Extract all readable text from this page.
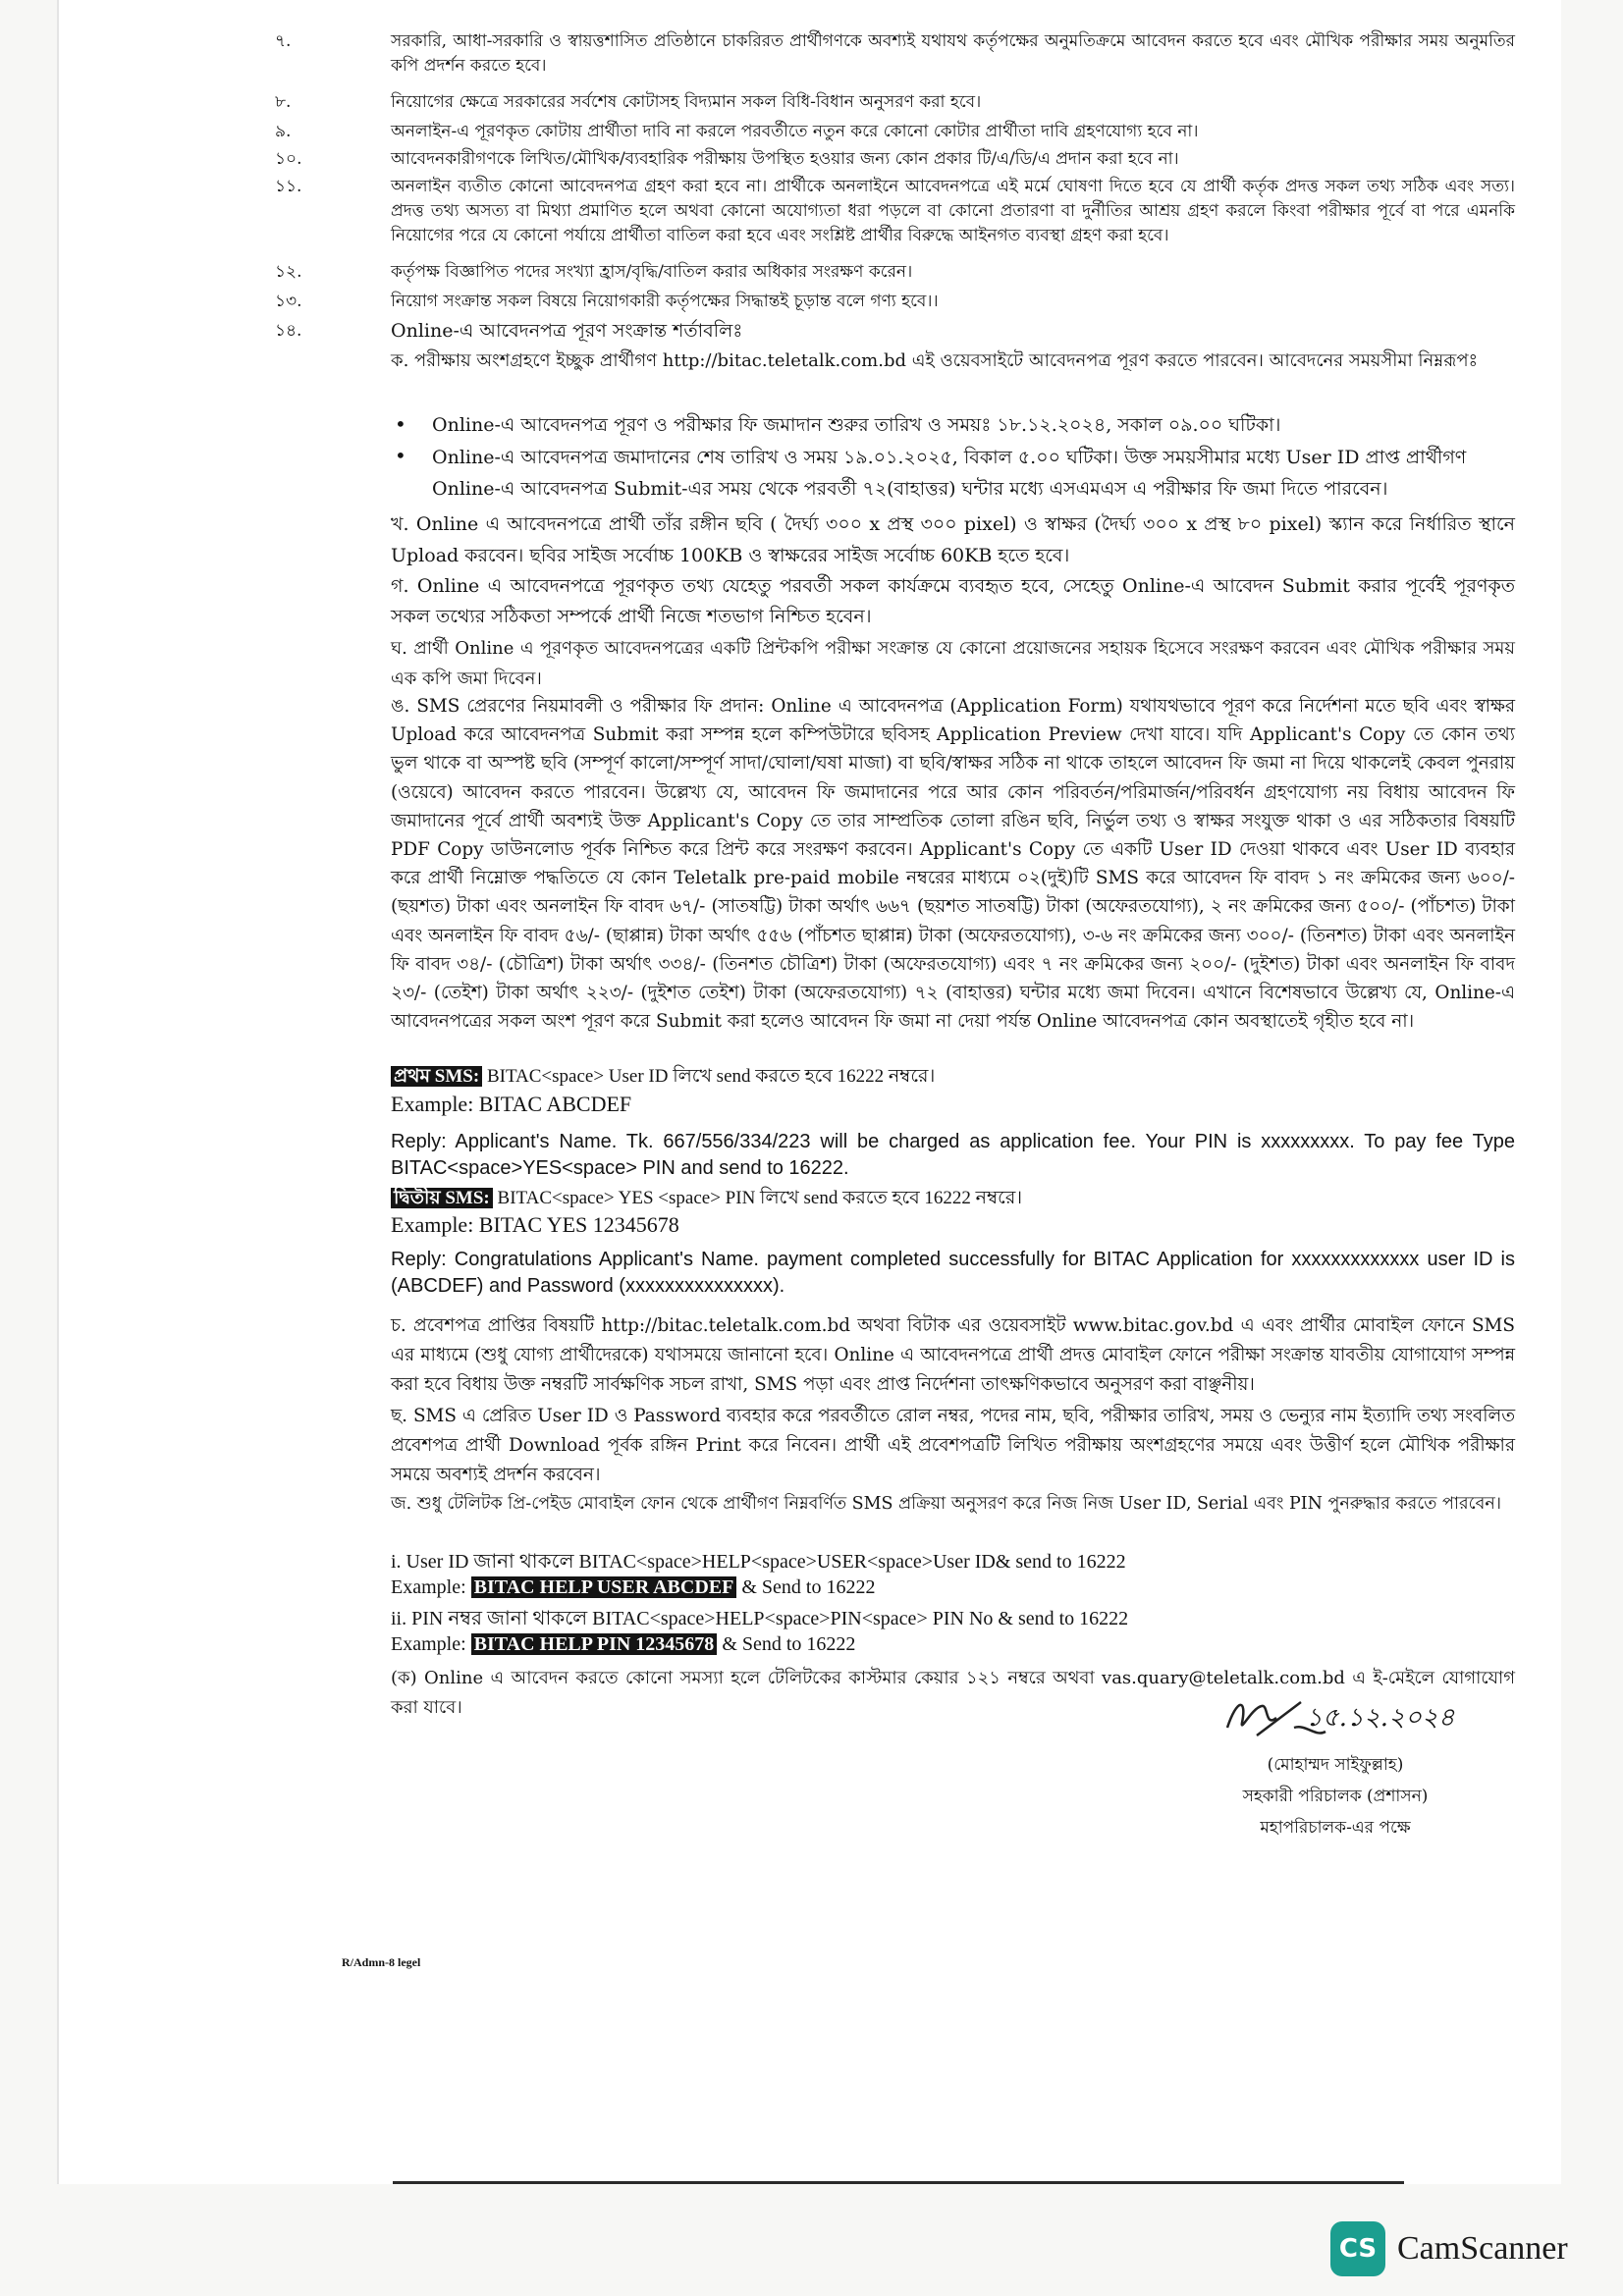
৭.	সরকারি, আধা-সরকারি ও স্বায়ত্তশাসিত প্রতিষ্ঠানে চাকরিরত প্রার্থীগণকে অবশ্যই যথাযথ কর্তৃপক্ষের অনুমতিক্রমে আবেদন করতে হবে এবং মৌখিক পরীক্ষার সময় অনুমতির কপি প্রদর্শন করতে হবে।
৮.	নিয়োগের ক্ষেত্রে সরকারের সর্বশেষ কোটাসহ বিদ্যমান সকল বিধি-বিধান অনুসরণ করা হবে।
৯.	অনলাইন-এ পূরণকৃত কোটায় প্রার্থীতা দাবি না করলে পরবর্তীতে নতুন করে কোনো কোটার প্রার্থীতা দাবি গ্রহণযোগ্য হবে না।
১০.	আবেদনকারীগণকে লিখিত/মৌখিক/ব্যবহারিক পরীক্ষায় উপস্থিত হওয়ার জন্য কোন প্রকার টি/এ/ডি/এ প্রদান করা হবে না।
১১.	অনলাইন ব্যতীত কোনো আবেদনপত্র গ্রহণ করা হবে না। প্রার্থীকে অনলাইনে আবেদনপত্রে এই মর্মে ঘোষণা দিতে হবে যে প্রার্থী কর্তৃক প্রদত্ত সকল তথ্য সঠিক এবং সত্য। প্রদত্ত তথ্য অসত্য বা মিথ্যা প্রমাণিত হলে অথবা কোনো অযোগ্যতা ধরা পড়লে বা কোনো প্রতারণা বা দুর্নীতির আশ্রয় গ্রহণ করলে কিংবা পরীক্ষার পূর্বে বা পরে এমনকি নিয়োগের পরে যে কোনো পর্যায়ে প্রার্থীতা বাতিল করা হবে এবং সংশ্লিষ্ট প্রার্থীর বিরুদ্ধে আইনগত ব্যবস্থা গ্রহণ করা হবে।
১২.	কর্তৃপক্ষ বিজ্ঞাপিত পদের সংখ্যা হ্রাস/বৃদ্ধি/বাতিল করার অধিকার সংরক্ষণ করেন।
১৩.	নিয়োগ সংক্রান্ত সকল বিষয়ে নিয়োগকারী কর্তৃপক্ষের সিদ্ধান্তই চূড়ান্ত বলে গণ্য হবে।।
১৪.	Online-এ আবেদনপত্র পূরণ সংক্রান্ত শর্তাবলিঃ
ক. পরীক্ষায় অংশগ্রহণে ইচ্ছুক প্রার্থীগণ http://bitac.teletalk.com.bd এই ওয়েবসাইটে আবেদনপত্র পূরণ করতে পারবেন। আবেদনের সময়সীমা নিম্নরূপঃ
• Online-এ আবেদনপত্র পূরণ ও পরীক্ষার ফি জমাদান শুরুর তারিখ ও সময়ঃ ১৮.১২.২০২৪, সকাল ০৯.০০ ঘটিকা।
• Online-এ আবেদনপত্র জমাদানের শেষ তারিখ ও সময় ১৯.০১.২০২৫, বিকাল ৫.০০ ঘটিকা। উক্ত সময়সীমার মধ্যে User ID প্রাপ্ত প্রার্থীগণ Online-এ আবেদনপত্র Submit-এর সময় থেকে পরবর্তী ৭২(বাহাত্তর) ঘন্টার মধ্যে এসএমএস এ পরীক্ষার ফি জমা দিতে পারবেন।
খ. Online এ আবেদনপত্রে প্রার্থী তাঁর রঙ্গীন ছবি ( দৈর্ঘ্য ৩০০ x প্রস্থ ৩০০ pixel) ও স্বাক্ষর (দৈর্ঘ্য ৩০০ x প্রস্থ ৮০ pixel) স্ক্যান করে নির্ধারিত স্থানে Upload করবেন। ছবির সাইজ সর্বোচ্চ 100KB ও স্বাক্ষরের সাইজ সর্বোচ্চ 60KB হতে হবে।
গ. Online এ আবেদনপত্রে পূরণকৃত তথ্য যেহেতু পরবর্তী সকল কার্যক্রমে ব্যবহৃত হবে, সেহেতু Online-এ আবেদন Submit করার পূর্বেই পূরণকৃত সকল তথ্যের সঠিকতা সম্পর্কে প্রার্থী নিজে শতভাগ নিশ্চিত হবেন।
ঘ. প্রার্থী Online এ পূরণকৃত আবেদনপত্রের একটি প্রিন্টকপি পরীক্ষা সংক্রান্ত যে কোনো প্রয়োজনের সহায়ক হিসেবে সংরক্ষণ করবেন এবং মৌখিক পরীক্ষার সময় এক কপি জমা দিবেন।
ঙ. SMS প্রেরণের নিয়মাবলী ও পরীক্ষার ফি প্রদান: Online এ আবেদনপত্র (Application Form) যথাযথভাবে পূরণ করে নির্দেশনা মতে ছবি এবং স্বাক্ষর Upload করে আবেদনপত্র Submit করা সম্পন্ন হলে কম্পিউটারে ছবিসহ Application Preview দেখা যাবে। যদি Applicant's Copy তে কোন তথ্য ভুল থাকে বা অস্পষ্ট ছবি (সম্পূর্ণ কালো/সম্পূর্ণ সাদা/ঘোলা/ঘষা মাজা) বা ছবি/স্বাক্ষর সঠিক না থাকে তাহলে আবেদন ফি জমা না দিয়ে থাকলেই কেবল পুনরায় (ওয়েবে) আবেদন করতে পারবেন। উল্লেখ্য যে, আবেদন ফি জমাদানের পরে আর কোন পরিবর্তন/পরিমার্জন/পরিবর্ধন গ্রহণযোগ্য নয় বিধায় আবেদন ফি জমাদানের পূর্বে প্রার্থী অবশ্যই উক্ত Applicant's Copy তে তার সাম্প্রতিক তোলা রঙিন ছবি, নির্ভুল তথ্য ও স্বাক্ষর সংযুক্ত থাকা ও এর সঠিকতার বিষয়টি PDF Copy ডাউনলোড পূর্বক নিশ্চিত করে প্রিন্ট করে সংরক্ষণ করবেন। Applicant's Copy তে একটি User ID দেওয়া থাকবে এবং User ID ব্যবহার করে প্রার্থী নিম্নোক্ত পদ্ধতিতে যে কোন Teletalk pre-paid mobile নম্বরের মাধ্যমে ০২(দুই)টি SMS করে আবেদন ফি বাবদ ১ নং ক্রমিকের জন্য ৬০০/- (ছয়শত) টাকা এবং অনলাইন ফি বাবদ ৬৭/- (সাতষট্টি) টাকা অর্থাৎ ৬৬৭ (ছয়শত সাতষট্টি) টাকা (অফেরতযোগ্য), ২ নং ক্রমিকের জন্য ৫০০/- (পাঁচশত) টাকা এবং অনলাইন ফি বাবদ ৫৬/- (ছাপ্পান্ন) টাকা অর্থাৎ ৫৫৬ (পাঁচশত ছাপ্পান্ন) টাকা (অফেরতযোগ্য), ৩-৬ নং ক্রমিকের জন্য ৩০০/- (তিনশত) টাকা এবং অনলাইন ফি বাবদ ৩৪/- (চৌত্রিশ) টাকা অর্থাৎ ৩৩৪/- (তিনশত চৌত্রিশ) টাকা (অফেরতযোগ্য) এবং ৭ নং ক্রমিকের জন্য ২০০/- (দুইশত) টাকা এবং অনলাইন ফি বাবদ ২৩/- (তেইশ) টাকা অর্থাৎ ২২৩/- (দুইশত তেইশ) টাকা (অফেরতযোগ্য) ৭২ (বাহাত্তর) ঘন্টার মধ্যে জমা দিবেন। এখানে বিশেষভাবে উল্লেখ্য যে, Online-এ আবেদনপত্রের সকল অংশ পূরণ করে Submit করা হলেও আবেদন ফি জমা না দেয়া পর্যন্ত Online আবেদনপত্র কোন অবস্থাতেই গৃহীত হবে না।
প্রথম SMS: BITAC<space> User ID লিখে send করতে হবে 16222 নম্বরে।
Example: BITAC ABCDEF
Reply: Applicant's Name. Tk. 667/556/334/223 will be charged as application fee. Your PIN is xxxxxxxxx. To pay fee Type BITAC<space>YES<space> PIN and send to 16222.
দ্বিতীয় SMS: BITAC<space> YES <space> PIN লিখে send করতে হবে 16222 নম্বরে।
Example: BITAC YES 12345678
Reply: Congratulations Applicant's Name. payment completed successfully for BITAC Application for xxxxxxxxxxxxx user ID is (ABCDEF) and Password (xxxxxxxxxxxxxxx).
চ. প্রবেশপত্র প্রাপ্তির বিষয়টি http://bitac.teletalk.com.bd অথবা বিটাক এর ওয়েবসাইট www.bitac.gov.bd এ এবং প্রার্থীর মোবাইল ফোনে SMS এর মাধ্যমে (শুধু যোগ্য প্রার্থীদেরকে) যথাসময়ে জানানো হবে। Online এ আবেদনপত্রে প্রার্থী প্রদত্ত মোবাইল ফোনে পরীক্ষা সংক্রান্ত যাবতীয় যোগাযোগ সম্পন্ন করা হবে বিধায় উক্ত নম্বরটি সার্বক্ষণিক সচল রাখা, SMS পড়া এবং প্রাপ্ত নির্দেশনা তাৎক্ষণিকভাবে অনুসরণ করা বাঞ্ছনীয়।
ছ. SMS এ প্রেরিত User ID ও Password ব্যবহার করে পরবর্তীতে রোল নম্বর, পদের নাম, ছবি, পরীক্ষার তারিখ, সময় ও ভেন্যুর নাম ইত্যাদি তথ্য সংবলিত প্রবেশপত্র প্রার্থী Download পূর্বক রঙ্গিন Print করে নিবেন। প্রার্থী এই প্রবেশপত্রটি লিখিত পরীক্ষায় অংশগ্রহণের সময়ে এবং উত্তীর্ণ হলে মৌখিক পরীক্ষার সময়ে অবশ্যই প্রদর্শন করবেন।
জ. শুধু টেলিটক প্রি-পেইড মোবাইল ফোন থেকে প্রার্থীগণ নিম্নবর্ণিত SMS প্রক্রিয়া অনুসরণ করে নিজ নিজ User ID, Serial এবং PIN পুনরুদ্ধার করতে পারবেন।
i. User ID জানা থাকলে BITAC<space>HELP<space>USER<space>User ID& send to 16222
Example: BITAC HELP USER ABCDEF & Send to 16222
ii. PIN নম্বর জানা থাকলে BITAC<space>HELP<space>PIN<space> PIN No & send to 16222
Example: BITAC HELP PIN 12345678 & Send to 16222
(ক) Online এ আবেদন করতে কোনো সমস্যা হলে টেলিটকের কাস্টমার কেয়ার ১২১ নম্বরে অথবা vas.quary@teletalk.com.bd এ ই-মেইলে যোগাযোগ করা যাবে।	১৫.১২.২০২৪
(মোহাম্মদ সাইফুল্লাহ)
সহকারী পরিচালক (প্রশাসন)
মহাপরিচালক-এর পক্ষে
R/Admn-8 legel
CS CamScanner
